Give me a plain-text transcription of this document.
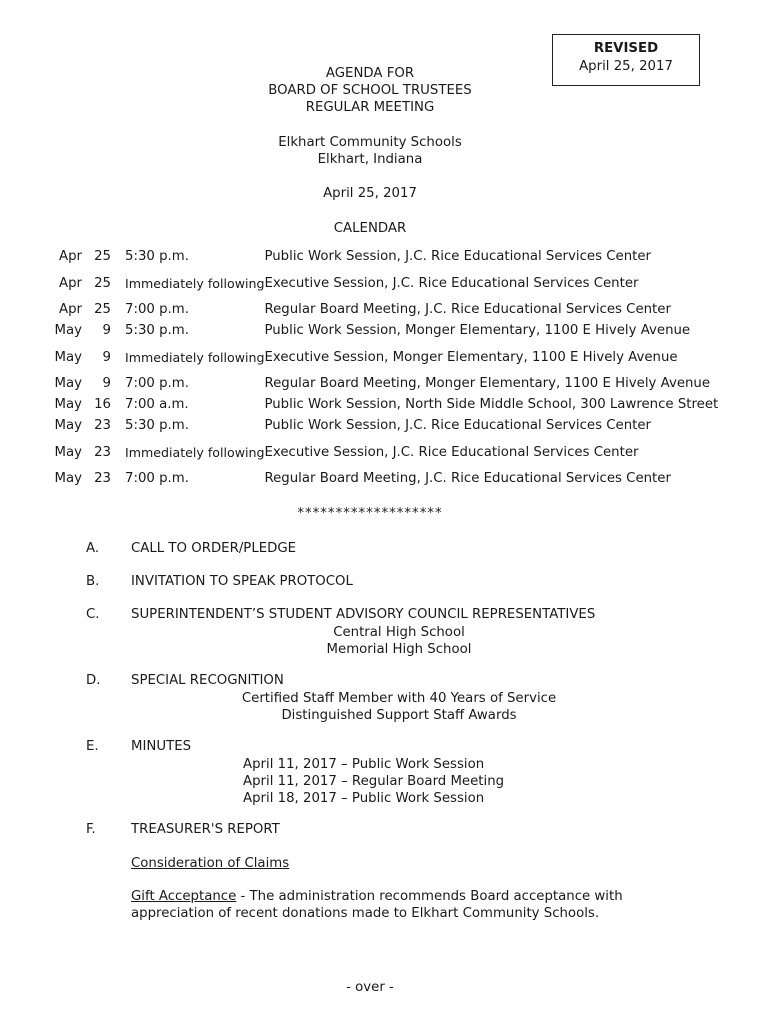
REVISED
April 25, 2017
AGENDA FOR
BOARD OF SCHOOL TRUSTEES
REGULAR MEETING
Elkhart Community Schools
Elkhart, Indiana
April 25, 2017
CALENDAR
Apr	25	5:30 p.m.	Public Work Session, J.C. Rice Educational Services Center
Apr	25	Immediately following	Executive Session, J.C. Rice Educational Services Center
Apr	25	7:00 p.m.	Regular Board Meeting, J.C. Rice Educational Services Center
May	9	5:30 p.m.	Public Work Session, Monger Elementary, 1100 E Hively Avenue
May	9	Immediately following	Executive Session, Monger Elementary, 1100 E Hively Avenue
May	9	7:00 p.m.	Regular Board Meeting, Monger Elementary, 1100 E Hively Avenue
May	16	7:00 a.m.	Public Work Session, North Side Middle School, 300 Lawrence Street
May	23	5:30 p.m.	Public Work Session, J.C. Rice Educational Services Center
May	23	Immediately following	Executive Session, J.C. Rice Educational Services Center
May	23	7:00 p.m.	Regular Board Meeting, J.C. Rice Educational Services Center
*******************
A. CALL TO ORDER/PLEDGE
B. INVITATION TO SPEAK PROTOCOL
C. SUPERINTENDENT’S STUDENT ADVISORY COUNCIL REPRESENTATIVES
Central High School
Memorial High School
D. SPECIAL RECOGNITION
Certified Staff Member with 40 Years of Service
Distinguished Support Staff Awards
E. MINUTES
April 11, 2017 – Public Work Session
April 11, 2017 – Regular Board Meeting
April 18, 2017 – Public Work Session
F.	TREASURER'S REPORT
Consideration of Claims
Gift Acceptance - The administration recommends Board acceptance with appreciation of recent donations made to Elkhart Community Schools.
- over -
